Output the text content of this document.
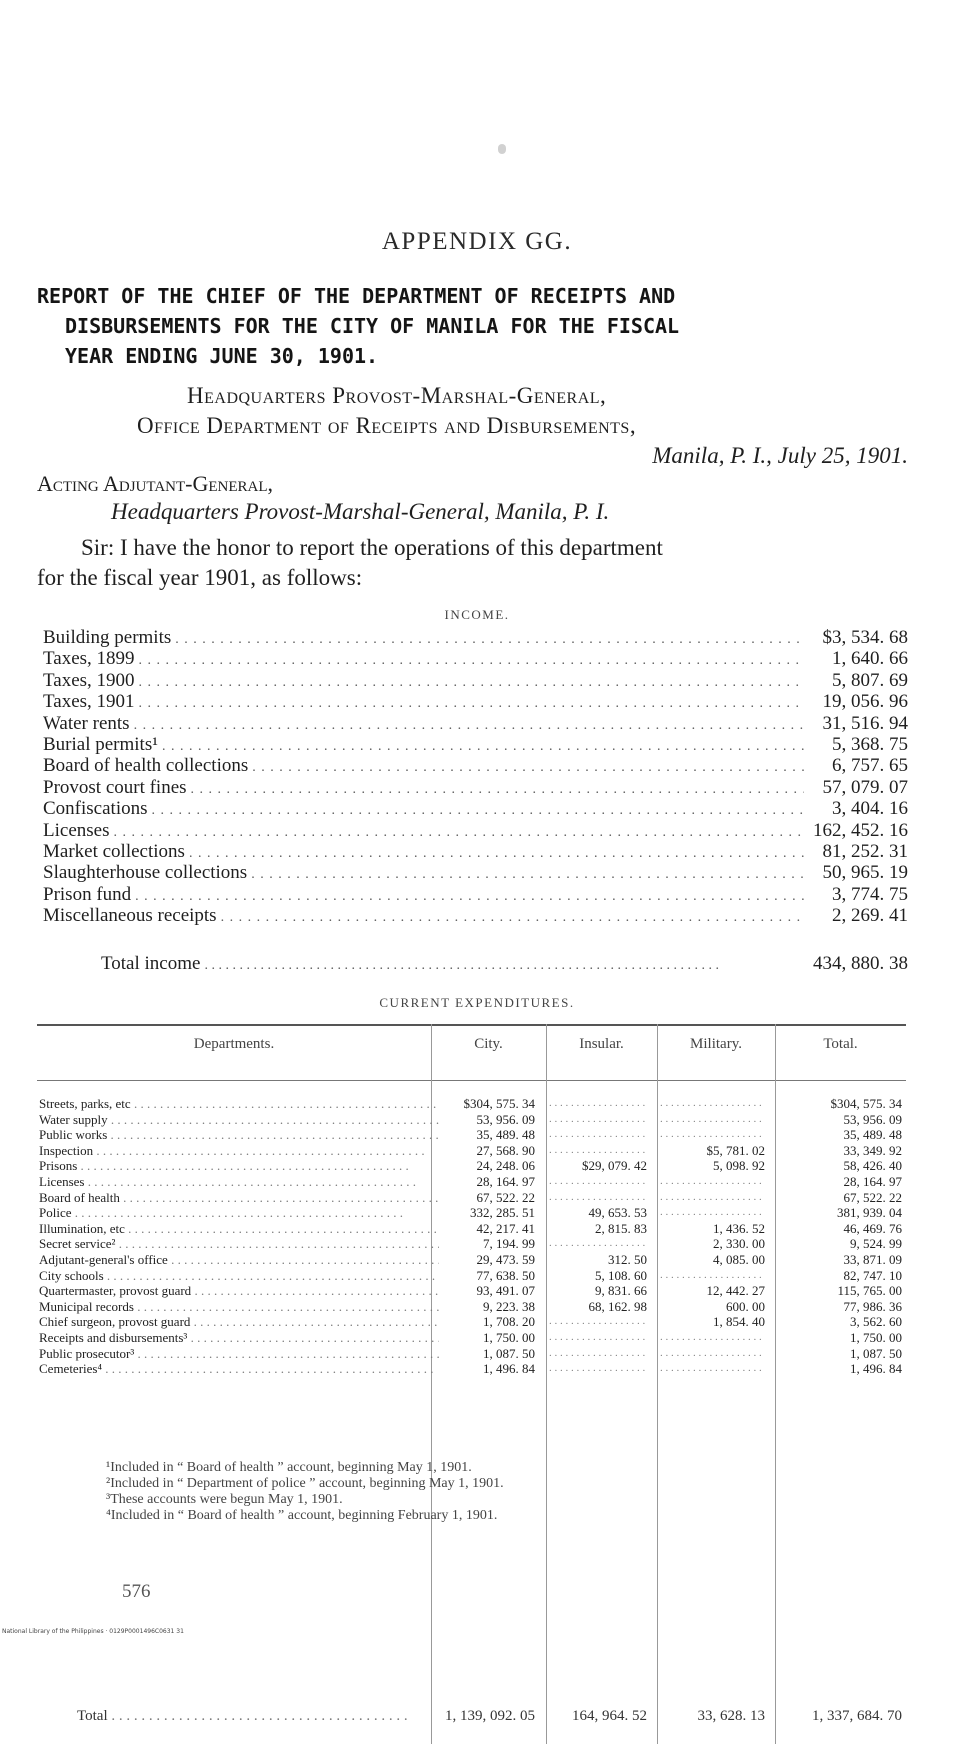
APPENDIX GG.
REPORT OF THE CHIEF OF THE DEPARTMENT OF RECEIPTS AND
DISBURSEMENTS FOR THE CITY OF MANILA FOR THE FISCAL
YEAR ENDING JUNE 30, 1901.
Headquarters Provost-Marshal-General,
Office Department of Receipts and Disbursements,
Manila, P. I., July 25, 1901.
Acting Adjutant-General,
Headquarters Provost-Marshal-General, Manila, P. I.
Sir: I have the honor to report the operations of this department
for the fiscal year 1901, as follows:
INCOME.
Building permits . . .	$3, 534. 68
Taxes, 1899 . . .	1, 640. 66
Taxes, 1900 . . .	5, 807. 69
Taxes, 1901 . . .	19, 056. 96
Water rents . . .	31, 516. 94
Burial permits¹ . . .	5, 368. 75
Board of health collections . . .	6, 757. 65
Provost court fines . . .	57, 079. 07
Confiscations . . .	3, 404. 16
Licenses . . .	162, 452. 16
Market collections . . .	81, 252. 31
Slaughterhouse collections . . .	50, 965. 19
Prison fund . . .	3, 774. 75
Miscellaneous receipts . . .	2, 269. 41
Total income . . .	434, 880. 38
CURRENT EXPENDITURES.
Departments.	City.	Insular.	Military.	Total.
Streets, parks, etc . . .	$304, 575. 34 . . . . . .	$304, 575. 34
Water supply . . .	53, 956. 09 . . . . . .	53, 956. 09
Public works . . .	35, 489. 48 . . . . . .	35, 489. 48
Inspection . . .	27, 568. 90 . . .	$5, 781. 02	33, 349. 92
Prisons . . .	24, 248. 06	$29, 079. 42	5, 098. 92	58, 426. 40
Licenses . . .	28, 164. 97 . . . . . .	28, 164. 97
Board of health . . .	67, 522. 22 . . . . . .	67, 522. 22
Police . . .	332, 285. 51	49, 653. 53 . . .	381, 939. 04
Illumination, etc . . .	42, 217. 41	2, 815. 83	1, 436. 52	46, 469. 76
Secret service² . . .	7, 194. 99 . . .	2, 330. 00	9, 524. 99
Adjutant-general's office . . .	29, 473. 59	312. 50	4, 085. 00	33, 871. 09
City schools . . .	77, 638. 50	5, 108. 60 . . .	82, 747. 10
Quartermaster, provost guard . . .	93, 491. 07	9, 831. 66	12, 442. 27	115, 765. 00
Municipal records . . .	9, 223. 38	68, 162. 98	600. 00	77, 986. 36
Chief surgeon, provost guard . . .	1, 708. 20 . . .	1, 854. 40	3, 562. 60
Receipts and disbursements³ . . .	1, 750. 00 . . . . . .	1, 750. 00
Public prosecutor³ . . .	1, 087. 50 . . . . . .	1, 087. 50
Cemeteries⁴ . . .	1, 496. 84 . . . . . .	1, 496. 84
Total . . .	1, 139, 092. 05	164, 964. 52	33, 628. 13	1, 337, 684. 70
¹Included in “ Board of health ” account, beginning May 1, 1901.
²Included in “ Department of police ” account, beginning May 1, 1901.
³These accounts were begun May 1, 1901.
⁴Included in “ Board of health ” account, beginning February 1, 1901.
576
National Library of the Philippines · 0129P0001496C0631 31
